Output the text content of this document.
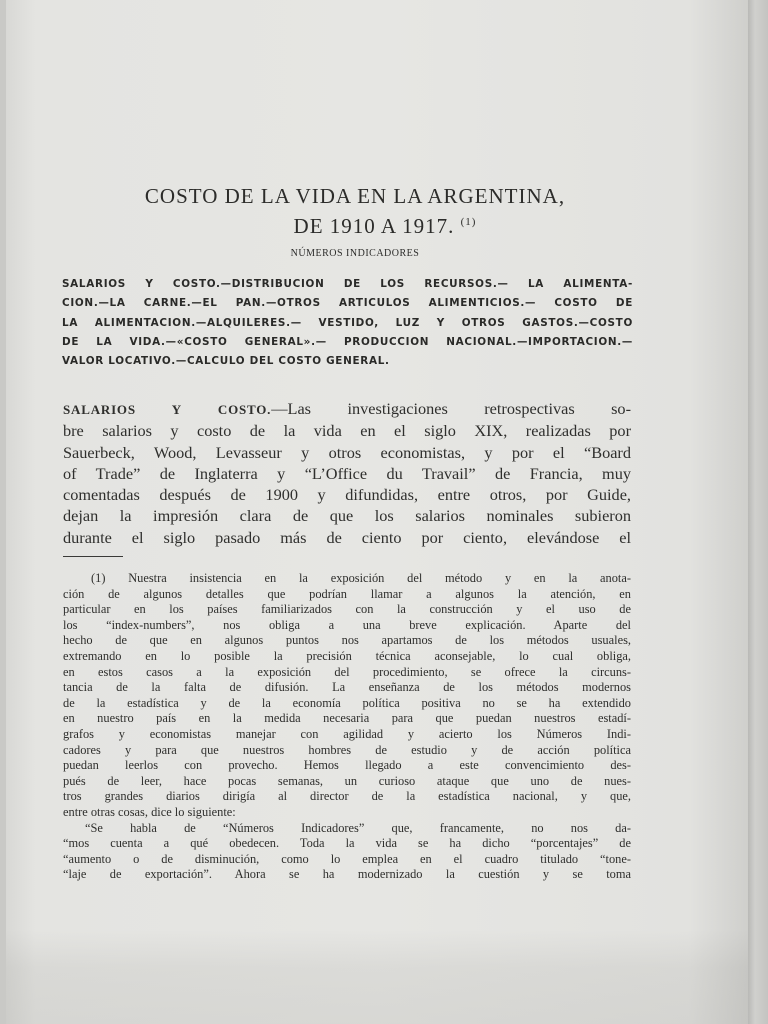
COSTO DE LA VIDA EN LA ARGENTINA,
DE 1910 A 1917. $^{(1)}$
NÚMEROS INDICADORES
SALARIOS Y COSTO.—DISTRIBUCION DE LOS RECURSOS.— LA ALIMENTA-
CION.—LA CARNE.—EL PAN.—OTROS ARTICULOS ALIMENTICIOS.— COSTO DE
LA ALIMENTACION.—ALQUILERES.— VESTIDO, LUZ Y OTROS GASTOS.—COSTO
DE LA VIDA.—«COSTO GENERAL».— PRODUCCION NACIONAL.—IMPORTACION.—
VALOR LOCATIVO.—CALCULO DEL COSTO GENERAL.
SALARIOS Y COSTO.—Las investigaciones retrospectivas so-
bre salarios y costo de la vida en el siglo XIX, realizadas por
Sauerbeck, Wood, Levasseur y otros economistas, y por el “Board
of Trade” de Inglaterra y “L’Office du Travail” de Francia, muy
comentadas después de 1900 y difundidas, entre otros, por Guide,
dejan la impresión clara de que los salarios nominales subieron
durante el siglo pasado más de ciento por ciento, elevándose el
(1) Nuestra insistencia en la exposición del método y en la anota-
ción de algunos detalles que podrían llamar a algunos la atención, en
particular en los países familiarizados con la construcción y el uso de
los “index-numbers”, nos obliga a una breve explicación. Aparte del
hecho de que en algunos puntos nos apartamos de los métodos usuales,
extremando en lo posible la precisión técnica aconsejable, lo cual obliga,
en estos casos a la exposición del procedimiento, se ofrece la circuns-
tancia de la falta de difusión. La enseñanza de los métodos modernos
de la estadística y de la economía política positiva no se ha extendido
en nuestro país en la medida necesaria para que puedan nuestros estadí-
grafos y economistas manejar con agilidad y acierto los Números Indi-
cadores y para que nuestros hombres de estudio y de acción política
puedan leerlos con provecho. Hemos llegado a este convencimiento des-
pués de leer, hace pocas semanas, un curioso ataque que uno de nues-
tros grandes diarios dirigía al director de la estadística nacional, y que,
entre otras cosas, dice lo siguiente:
“Se habla de “Números Indicadores” que, francamente, no nos da-
“mos cuenta a qué obedecen. Toda la vida se ha dicho “porcentajes” de
“aumento o de disminución, como lo emplea en el cuadro titulado “tone-
“laje de exportación”. Ahora se ha modernizado la cuestión y se toma
